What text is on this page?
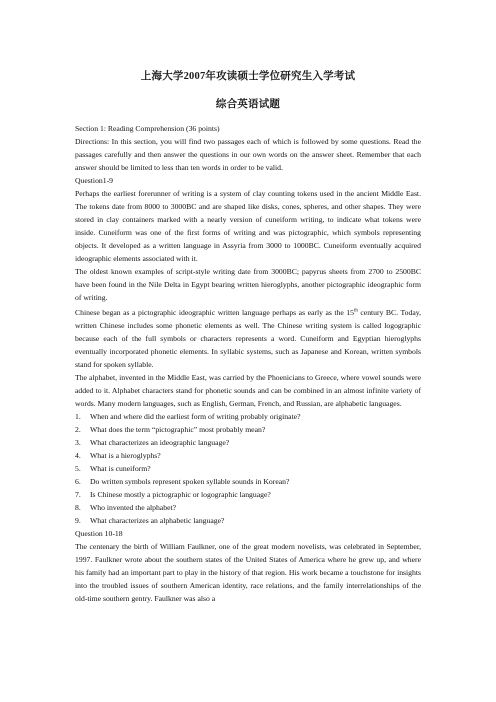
上海大学2007年攻读硕士学位研究生入学考试
综合英语试题

Section 1: Reading Comprehension (36 points)

Directions: In this section, you will find two passages each of which is followed by some questions. Read the passages carefully and then answer the questions in our own words on the answer sheet. Remember that each answer should be limited to less than ten words in order to be valid.

Question1-9

Perhaps the earliest forerunner of writing is a system of clay counting tokens used in the ancient Middle East. The tokens date from 8000 to 3000BC and are shaped like disks, cones, spheres, and other shapes. They were stored in clay containers marked with a nearly version of cuneiform writing, to indicate what tokens were inside. Cuneiform was one of the first forms of writing and was pictographic, which symbols representing objects. It developed as a written language in Assyria from 3000 to 1000BC. Cuneiform eventually acquired ideographic elements associated with it.

The oldest known examples of script-style writing date from 3000BC; papyrus sheets from 2700 to 2500BC have been found in the Nile Delta in Egypt bearing written hieroglyphs, another pictographic ideographic form of writing.

Chinese began as a pictographic ideographic written language perhaps as early as the 15th century BC. Today, written Chinese includes some phonetic elements as well. The Chinese writing system is called logographic because each of the full symbols or characters represents a word. Cuneiform and Egyptian hieroglyphs eventually incorporated phonetic elements. In syllabic systems, such as Japanese and Korean, written symbols stand for spoken syllable.

The alphabet, invented in the Middle East, was carried by the Phoenicians to Greece, where vowel sounds were added to it. Alphabet characters stand for phonetic sounds and can be combined in an almost infinite variety of words. Many modern languages, such as English, German, French, and Russian, are alphabetic languages.

1.	When and where did the earliest form of writing probably originate?
2.	What does the term “pictographic” most probably mean?
3.	What characterizes an ideographic language?
4.	What is a hieroglyphs?
5.	What is cuneiform?
6.	Do written symbols represent spoken syllable sounds in Korean?
7.	Is Chinese mostly a pictographic or logographic language?
8.	Who invented the alphabet?
9.	What characterizes an alphabetic language?

Question 10-18

The centenary the birth of William Faulkner, one of the great modern novelists, was celebrated in September, 1997. Faulkner wrote about the southern states of the United States of America where he grew up, and where his family had an important part to play in the history of that region. His work became a touchstone for insights into the troubled issues of southern American identity, race relations, and the family interrelationships of the old-time southern gentry. Faulkner was also a
